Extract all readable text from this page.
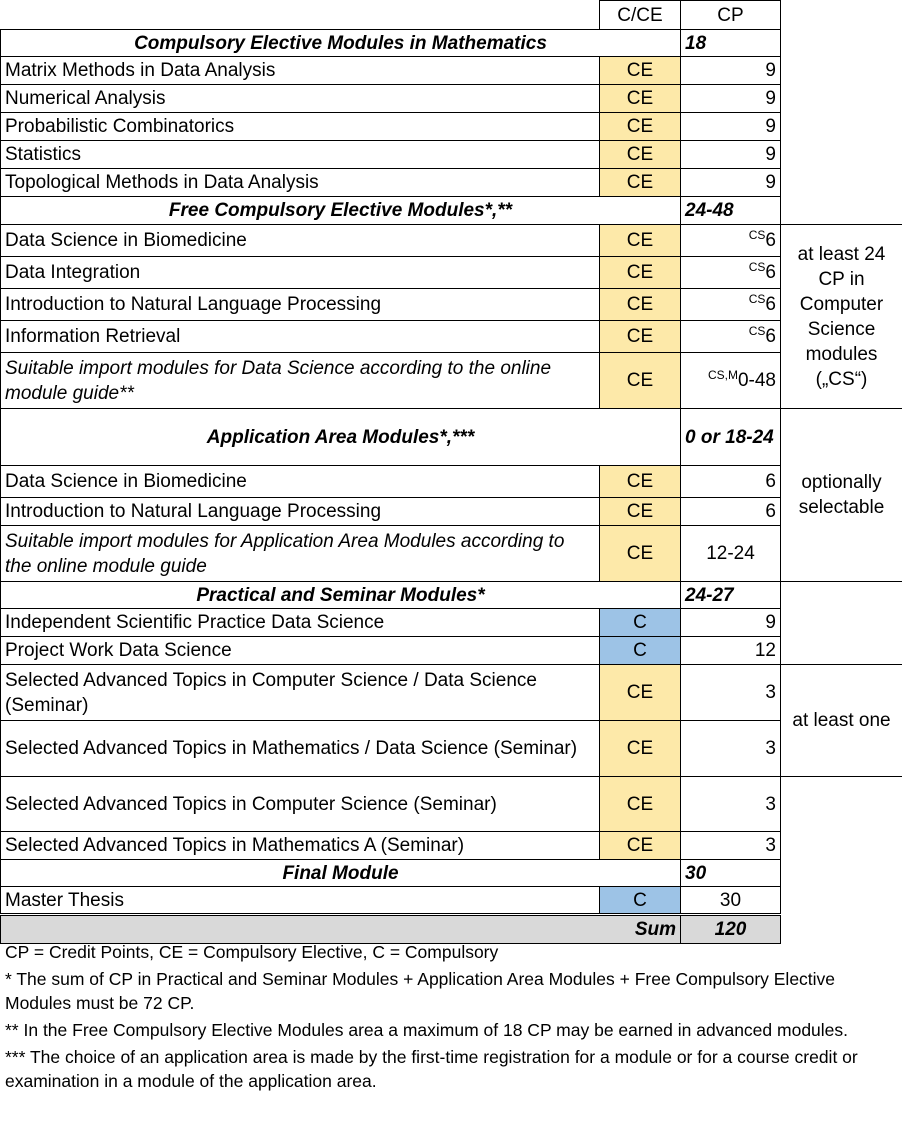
	C/CE	CP	
Compulsory Elective Modules in Mathematics		18	
Matrix Methods in Data Analysis	CE	9	
Numerical Analysis	CE	9	
Probabilistic Combinatorics	CE	9	
Statistics	CE	9	
Topological Methods in Data Analysis	CE	9	
Free Compulsory Elective Modules*,**		24-48	
Data Science in Biomedicine	CE	$^{CS}$6	at least 24 CP in Computer Science modules („CS“)
Data Integration	CE	$^{CS}$6	
Introduction to Natural Language Processing	CE	$^{CS}$6	
Information Retrieval	CE	$^{CS}$6	
Suitable import modules for Data Science according to the online module guide**	CE	$^{CS,M}$0-48	
Application Area Modules*,***		0 or 18-24	optionally selectable
Data Science in Biomedicine	CE	6	
Introduction to Natural Language Processing	CE	6	
Suitable import modules for Application Area Modules according to the online module guide	CE	12-24	
Practical and Seminar Modules*		24-27	
Independent Scientific Practice Data Science	C	9	
Project Work Data Science	C	12	
Selected Advanced Topics in Computer Science / Data Science (Seminar)	CE	3	at least one
Selected Advanced Topics in Mathematics / Data Science (Seminar)	CE	3	
Selected Advanced Topics in Computer Science (Seminar)	CE	3	
Selected Advanced Topics in Mathematics A (Seminar)	CE	3	
Final Module		30	
Master Thesis	C	30	
Sum		120	

CP = Credit Points, CE = Compulsory Elective, C = Compulsory

* The sum of CP in Practical and Seminar Modules + Application Area Modules + Free Compulsory Elective Modules must be 72 CP.

** In the Free Compulsory Elective Modules area a maximum of 18 CP may be earned in advanced modules.

*** The choice of an application area is made by the first-time registration for a module or for a course credit or examination in a module of the application area.
